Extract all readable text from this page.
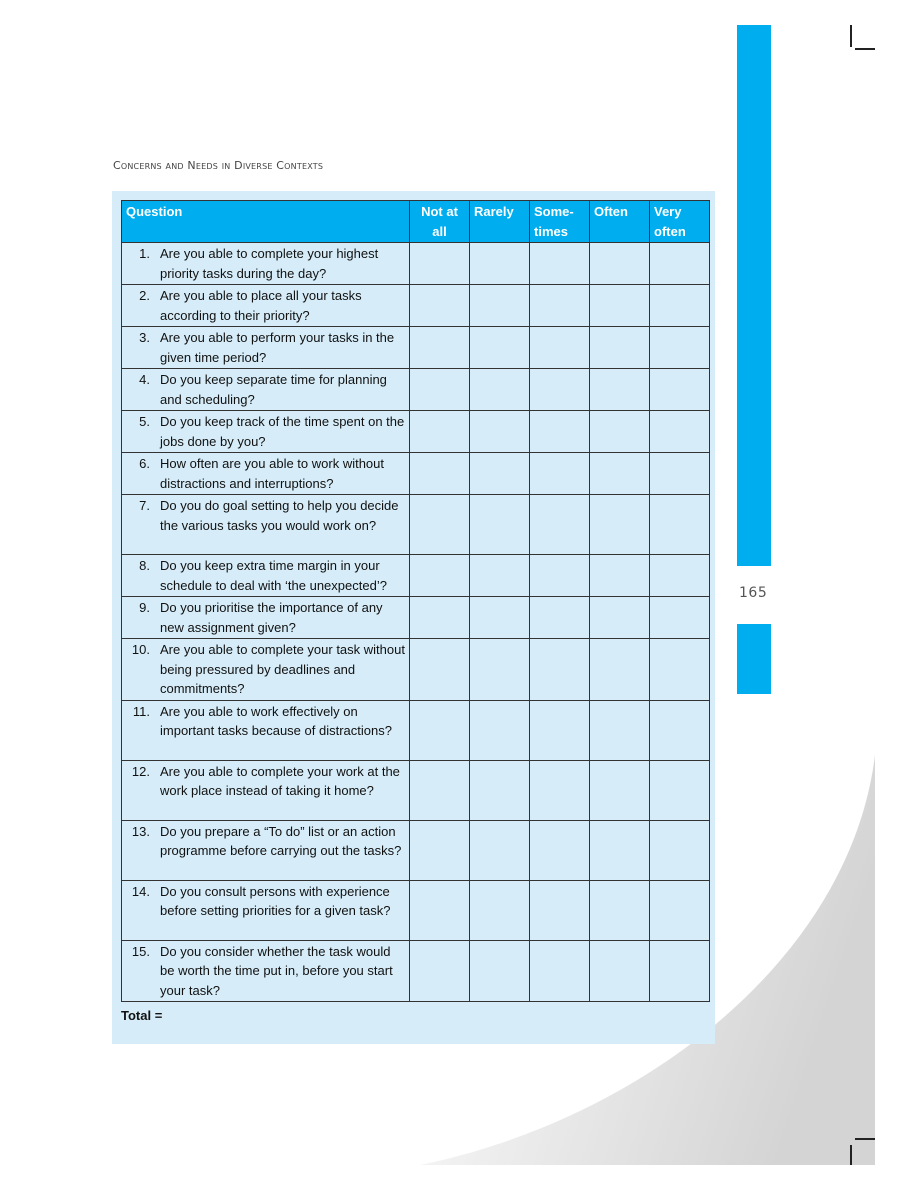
165
Concerns and Needs in Diverse Contexts
Question	Not at all	Rarely	Some- times	Often	Very often

1. Are you able to complete your highest priority tasks during the day?					

2. Are you able to place all your tasks according to their priority?					

3. Are you able to perform your tasks in the given time period?					

4. Do you keep separate time for planning and scheduling?					

5. Do you keep track of the time spent on the jobs done by you?					

6. How often are you able to work without distractions and interruptions?					

7. Do you do goal setting to help you decide the various tasks you would work on?					

8. Do you keep extra time margin in your schedule to deal with ‘the unexpected’?					

9. Do you prioritise the importance of any new assignment given?					

10. Are you able to complete your task without being pressured by deadlines and commitments?					

11. Are you able to work effectively on important tasks because of distractions?					

12. Are you able to complete your work at the work place instead of taking it home?					

13. Do you prepare a “To do” list or an action programme before carrying out the tasks?					

14. Do you consult persons with experience before setting priorities for a given task?					

15. Do you consider whether the task would be worth the time put in, before you start your task?					

Total =
